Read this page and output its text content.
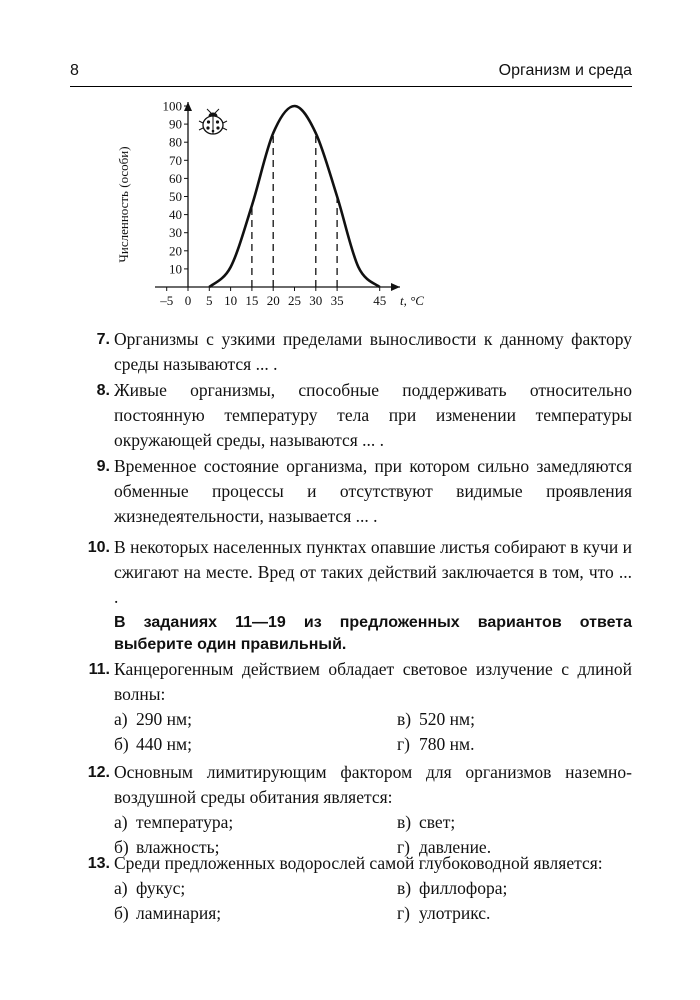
8	Организм и среда
10
20
30
40
50
60
70
80
90
100
–5 0 5 10 15 20 25 30 35 45 t, °C
Численность (особи)
7. Организмы с узкими пределами выносливости к данному фактору среды называются ... .
8. Живые организмы, способные поддерживать относительно постоянную температуру тела при изменении температуры окружающей среды, называются ... .
9. Временное состояние организма, при котором сильно замедляются обменные процессы и отсутствуют видимые проявления жизнедеятельности, называется ... .
10. В некоторых населенных пунктах опавшие листья собирают в кучи и сжигают на месте. Вред от таких действий заключается в том, что ... .
В заданиях 11—19 из предложенных вариантов ответа выберите один правильный.
11. Канцерогенным действием обладает световое излучение с длиной волны:
а) 290 нм;	в) 520 нм;
б) 440 нм;	г) 780 нм.
12. Основным лимитирующим фактором для организмов наземно-воздушной среды обитания является:
а) температура;	в) свет;
б) влажность;	г) давление.
13. Среди предложенных водорослей самой глубоководной является:
а) фукус;	в) филлофора;
б) ламинария;	г) улотрикс.
